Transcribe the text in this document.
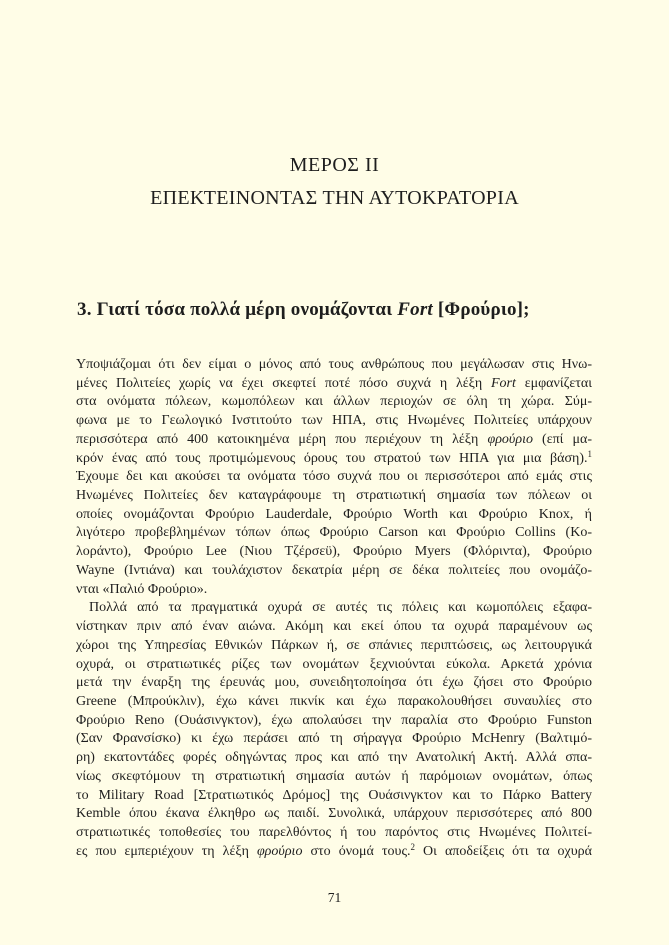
ΜΕΡΟΣ ΙΙ
ΕΠΕΚΤΕΙΝΟΝΤΑΣ ΤΗΝ ΑΥΤΟΚΡΑΤΟΡΙΑ
3. Γιατί τόσα πολλά μέρη ονομάζονται Fort [Φρούριο];
Υποψιάζομαι ότι δεν είμαι ο μόνος από τους ανθρώπους που μεγάλωσαν στις Ηνω-
μένες Πολιτείες χωρίς να έχει σκεφτεί ποτέ πόσο συχνά η λέξη Fort εμφανίζεται
στα ονόματα πόλεων, κωμοπόλεων και άλλων περιοχών σε όλη τη χώρα. Σύμ-
φωνα με το Γεωλογικό Ινστιτούτο των ΗΠΑ, στις Ηνωμένες Πολιτείες υπάρχουν
περισσότερα από 400 κατοικημένα μέρη που περιέχουν τη λέξη φρούριο (επί μα-
κρόν ένας από τους προτιμώμενους όρους του στρατού των ΗΠΑ για μια βάση).$^1$
Έχουμε δει και ακούσει τα ονόματα τόσο συχνά που οι περισσότεροι από εμάς στις
Ηνωμένες Πολιτείες δεν καταγράφουμε τη στρατιωτική σημασία των πόλεων οι
οποίες ονομάζονται Φρούριο Lauderdale, Φρούριο Worth και Φρούριο Knox, ή
λιγότερο προβεβλημένων τόπων όπως Φρούριο Carson και Φρούριο Collins (Κο-
λοράντο), Φρούριο Lee (Νιου Τζέρσεϋ), Φρούριο Myers (Φλόριντα), Φρούριο
Wayne (Ιντιάνα) και τουλάχιστον δεκατρία μέρη σε δέκα πολιτείες που ονομάζο-
νται «Παλιό Φρούριο».
Πολλά από τα πραγματικά οχυρά σε αυτές τις πόλεις και κωμοπόλεις εξαφα-
νίστηκαν πριν από έναν αιώνα. Ακόμη και εκεί όπου τα οχυρά παραμένουν ως
χώροι της Υπηρεσίας Εθνικών Πάρκων ή, σε σπάνιες περιπτώσεις, ως λειτουργικά
οχυρά, οι στρατιωτικές ρίζες των ονομάτων ξεχνιούνται εύκολα. Αρκετά χρόνια
μετά την έναρξη της έρευνάς μου, συνειδητοποίησα ότι έχω ζήσει στο Φρούριο
Greene (Μπρούκλιν), έχω κάνει πικνίκ και έχω παρακολουθήσει συναυλίες στο
Φρούριο Reno (Ουάσινγκτον), έχω απολαύσει την παραλία στο Φρούριο Funston
(Σαν Φρανσίσκο) κι έχω περάσει από τη σήραγγα Φρούριο McHenry (Βαλτιμό-
ρη) εκατοντάδες φορές οδηγώντας προς και από την Ανατολική Ακτή. Αλλά σπα-
νίως σκεφτόμουν τη στρατιωτική σημασία αυτών ή παρόμοιων ονομάτων, όπως
το Military Road [Στρατιωτικός Δρόμος] της Ουάσινγκτον και το Πάρκο Battery
Kemble όπου έκανα έλκηθρο ως παιδί. Συνολικά, υπάρχουν περισσότερες από 800
στρατιωτικές τοποθεσίες του παρελθόντος ή του παρόντος στις Ηνωμένες Πολιτεί-
ες που εμπεριέχουν τη λέξη φρούριο στο όνομά τους.$^2$ Οι αποδείξεις ότι τα οχυρά
71
